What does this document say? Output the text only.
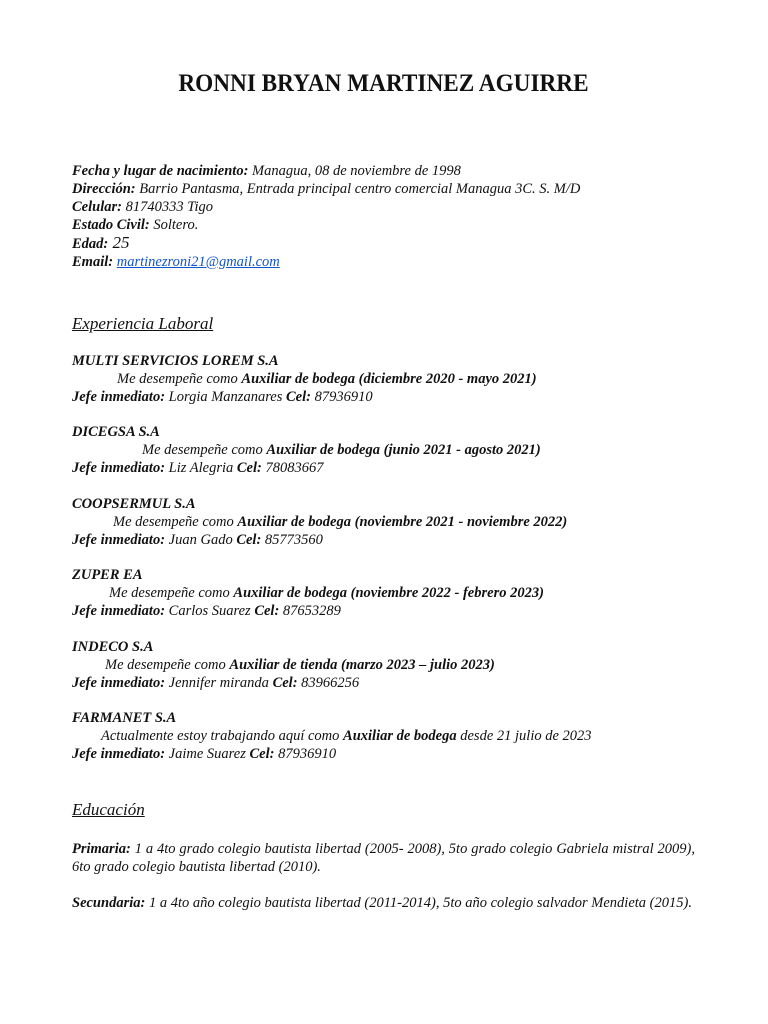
RONNI BRYAN MARTINEZ AGUIRRE
Fecha y lugar de nacimiento: Managua, 08 de noviembre de 1998
Dirección: Barrio Pantasma, Entrada principal centro comercial Managua 3C. S. M/D
Celular: 81740333 Tigo
Estado Civil: Soltero.
Edad: 25
Email: martinezroni21@gmail.com
Experiencia Laboral
MULTI SERVICIOS LOREM S.A
Me desempeñe como Auxiliar de bodega (diciembre 2020 - mayo 2021)
Jefe inmediato: Lorgia Manzanares Cel: 87936910
DICEGSA S.A
Me desempeñe como Auxiliar de bodega (junio 2021 - agosto 2021)
Jefe inmediato: Liz Alegria Cel: 78083667
COOPSERMUL S.A
Me desempeñe como Auxiliar de bodega (noviembre 2021 - noviembre 2022)
Jefe inmediato: Juan Gado Cel: 85773560
ZUPER EA
Me desempeñe como Auxiliar de bodega (noviembre 2022 - febrero 2023)
Jefe inmediato: Carlos Suarez Cel: 87653289
INDECO S.A
Me desempeñe como Auxiliar de tienda (marzo 2023 – julio 2023)
Jefe inmediato: Jennifer miranda Cel: 83966256
FARMANET S.A
Actualmente estoy trabajando aquí como Auxiliar de bodega desde 21 julio de 2023
Jefe inmediato: Jaime Suarez Cel: 87936910
Educación
Primaria: 1 a 4to grado colegio bautista libertad (2005- 2008), 5to grado colegio Gabriela mistral 2009), 6to grado colegio bautista libertad (2010).
Secundaria: 1 a 4to año colegio bautista libertad (2011-2014), 5to año colegio salvador Mendieta (2015).
